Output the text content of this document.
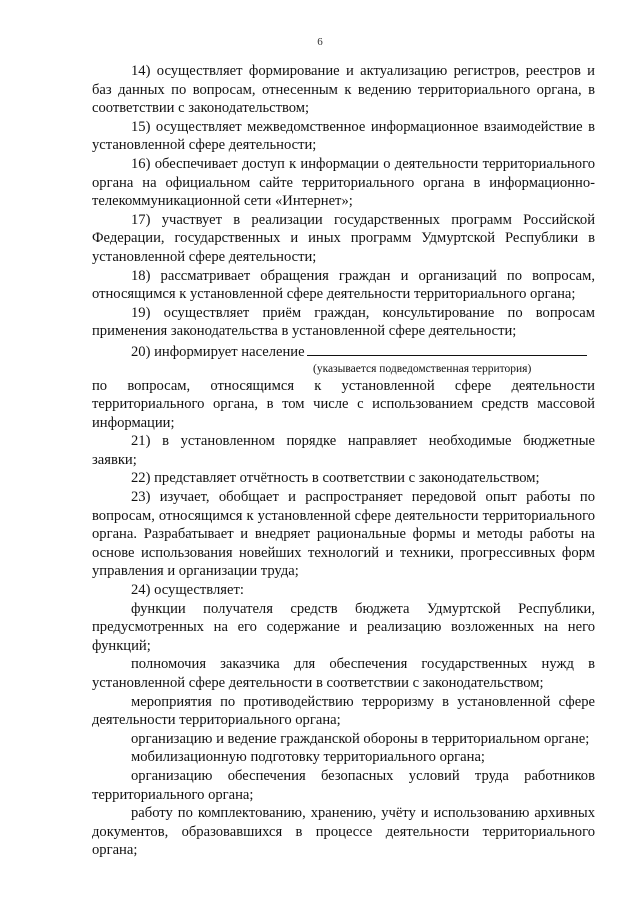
6

14) осуществляет формирование и актуализацию регистров, реестров и баз данных по вопросам, отнесенным к ведению территориального органа, в соответствии с законодательством;

15) осуществляет межведомственное информационное взаимодействие в установленной сфере деятельности;

16) обеспечивает доступ к информации о деятельности территориального органа на официальном сайте территориального органа в информационно-телекоммуникационной сети «Интернет»;

17) участвует в реализации государственных программ Российской Федерации, государственных и иных программ Удмуртской Республики в установленной сфере деятельности;

18) рассматривает обращения граждан и организаций по вопросам, относящимся к установленной сфере деятельности территориального органа;

19) осуществляет приём граждан, консультирование по вопросам применения законодательства в установленной сфере деятельности;

20) информирует население

(указывается подведомственная территория)

по вопросам, относящимся к установленной сфере деятельности территориального органа, в том числе с использованием средств массовой информации;

21) в установленном порядке направляет необходимые бюджетные заявки;

22) представляет отчётность в соответствии с законодательством;

23) изучает, обобщает и распространяет передовой опыт работы по вопросам, относящимся к установленной сфере деятельности территориального органа. Разрабатывает и внедряет рациональные формы и методы работы на основе использования новейших технологий и техники, прогрессивных форм управления и организации труда;

24) осуществляет:

функции получателя средств бюджета Удмуртской Республики, предусмотренных на его содержание и реализацию возложенных на него функций;

полномочия заказчика для обеспечения государственных нужд в установленной сфере деятельности в соответствии с законодательством;

мероприятия по противодействию терроризму в установленной сфере деятельности территориального органа;

организацию и ведение гражданской обороны в территориальном органе;

мобилизационную подготовку территориального органа;

организацию обеспечения безопасных условий труда работников территориального органа;

работу по комплектованию, хранению, учёту и использованию архивных документов, образовавшихся в процессе деятельности территориального органа;
